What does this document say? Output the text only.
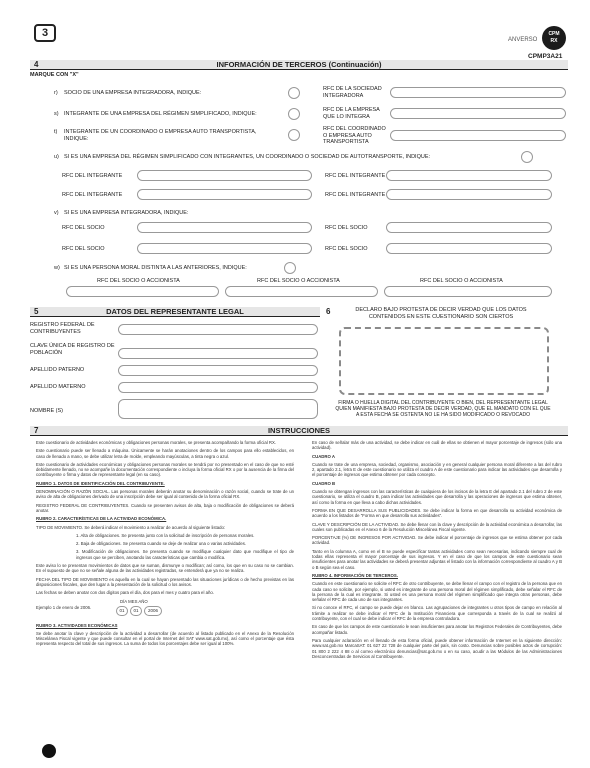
3
ANVERSO
CPM
RX
CPMP3A21
4	INFORMACIÓN DE TERCEROS (Continuación)
MARQUE CON "X"
r) SOCIO DE UNA EMPRESA INTEGRADORA, INDIQUE:
RFC DE LA SOCIEDAD INTEGRADORA
s) INTEGRANTE DE UNA EMPRESA DEL RÉGIMEN SIMPLIFICADO, INDIQUE:
RFC DE LA EMPRESA QUE LO INTEGRA
t) INTEGRANTE DE UN COORDINADO O EMPRESA AUTO TRANSPORTISTA, INDIQUE:
RFC DEL COORDINADO O EMPRESA AUTO TRANSPORTISTA
u) SI ES UNA EMPRESA DEL RÉGIMEN SIMPLIFICADO CON INTEGRANTES, UN COORDINADO O SOCIEDAD DE AUTOTRANSPORTE, INDIQUE:
RFC DEL INTEGRANTE	RFC DEL INTEGRANTE
RFC DEL INTEGRANTE	RFC DEL INTEGRANTE
v) SI ES UNA EMPRESA INTEGRADORA, INDIQUE:
RFC DEL SOCIO	RFC DEL SOCIO
RFC DEL SOCIO	RFC DEL SOCIO
w) SI ES UNA PERSONA MORAL DISTINTA A LAS ANTERIORES, INDIQUE:
RFC DEL SOCIO O ACCIONISTA	RFC DEL SOCIO O ACCIONISTA	RFC DEL SOCIO O ACCIONISTA
5	DATOS DEL REPRESENTANTE LEGAL
REGISTRO FEDERAL DE CONTRIBUYENTES
CLAVE ÚNICA DE REGISTRO DE POBLACIÓN
APELLIDO PATERNO
APELLIDO MATERNO
NOMBRE (S)
6	DECLARO BAJO PROTESTA DE DECIR VERDAD QUE LOS DATOS CONTENIDOS EN ESTE CUESTIONARIO SON CIERTOS
FIRMA O HUELLA DIGITAL DEL CONTRIBUYENTE O BIEN, DEL REPRESENTANTE LEGAL QUIEN MANIFIESTA BAJO PROTESTA DE DECIR VERDAD, QUE EL MANDATO CON EL QUE A ESTA FECHA SE OSTENTA NO LE HA SIDO MODIFICADO O REVOCADO
7	INSTRUCCIONES

Este cuestionario de actividades económicas y obligaciones personas morales, se presenta acompañando la forma oficial RX.

Este cuestionario puede ser llenado a máquina. Únicamente se harán anotaciones dentro de los campos para ello establecidos, en caso de llenado a mano, se debe utilizar letra de molde, empleando mayúsculas, a tinta negra o azul.

Este cuestionario de actividades económicas y obligaciones personas morales se tendrá por no presentado en el caso de que no esté debidamente llenado, no se acompañe la documentación correspondiente o incluya la forma oficial RX o por la ausencia de la firma del contribuyente o firma y datos de representante legal (en su caso).

RUBRO 1. DATOS DE IDENTIFICACIÓN DEL CONTRIBUYENTE.

DENOMINACIÓN O RAZÓN SOCIAL. Las personas morales deberán anotar su denominación o razón social, cuando se trate de un aviso de alta de obligaciones derivado de una inscripción debe ser igual al contenido de la forma oficial RX.

REGISTRO FEDERAL DE CONTRIBUYENTES. Cuando se presenten avisos de alta, baja o modificación de obligaciones se deberá anotar.

RUBRO 2. CARACTERÍSTICAS DE LA ACTIVIDAD ECONÓMICA.

TIPO DE MOVIMIENTO. Se deberá indicar el movimiento a realizar de acuerdo al siguiente listado:

1. Alta de obligaciones. Se presenta junto con la solicitud de inscripción de personas morales.

2. Baja de obligaciones. Se presenta cuando se deje de realizar una o varias actividades.

3. Modificación de obligaciones. Se presenta cuando se modifique cualquier dato que modifique el tipo de ingresos que se perciben, anotando las características que cambia o modifica.

Este aviso lo se presentan movimientos de datos que se suman, dismunye o modifican; así como, los que en su caso no se cambian. En el supuesto de que no se señale alguna de las actividades registradas, se entenderá que ya no se realiza.

FECHA DEL TIPO DE MOVIMIENTO es aquella en la cual se hayan presentado las situaciones jurídicas o de hecho previstas en las disposiciones fiscales, que den lugar a la presentación de la solicitud o los avisos.

Las fechas se deben anotar con dos dígitos para el día, dos para el mes y cuatro para el año.

Ejemplo 1 de enero de 2006.
DÍA MES AÑO
01 01 2006

RUBRO 3. ACTIVIDADES ECONÓMICAS

Se debe anotar la clave y descripción de la actividad a desarrollar (de acuerdo al listado publicado en el Anexo de la Resolución Miscelánea Fiscal vigente y que puede consultar en el portal de Internet del SAT www.sat.gob.mx), así como el porcentaje que ésta representa respecto del total de sus ingresos. La suma de todos los porcentajes debe ser igual al 100%.

En caso de señalar más de una actividad, se debe indicar en cuál de ellas se obtienen el mayor porcentaje de ingresos (sólo una actividad).

CUADRO A

Cuando se trate de una empresa, sociedad, organismo, asociación y en general cualquier persona moral diferente a las del rubro 2, apartado 2.1, letra E de este cuestionario se utiliza el cuadro A de este cuestionario para indicar las actividades que desarrolla y el porcentaje de ingresos que estima obtener por cada concepto.

CUADRO B

Cuando se obtengan ingresos con las características de cualquiera de los incisos de la letra E del apartado 2.1 del rubro 2 de este cuestionario, se utiliza el cuadro B, para indicar las actividades que desarrolla y las operaciones de ingresos que estima obtener, así como la forma en que lleva a cabo dichas actividades.

FORMA EN QUE DESARROLLA SUS PUBLICIDADES. Se debe indicar la forma en que desarrolla su actividad económica de acuerdo a los listados de "Forma en que desarrolla sus actividades".

CLAVE Y DESCRIPCIÓN DE LA ACTIVIDAD. Se debe llenar con la clave y descripción de la actividad económica a desarrollar, las cuales son publicadas en el Anexo 6 de la Resolución Miscelánea Fiscal vigente.

PORCENTAJE (%) DE INGRESOS POR ACTIVIDAD. Se debe indicar el porcentaje de ingresos que se estima obtener por cada actividad.

Tanto en la columna A, como en el B se puede especificar tantas actividades como sean necesarias, indicando siempre cual de todas ellas representa el mayor porcentaje de sus ingresos. Y en el caso de que los campos de este cuestionario sean insuficientes para anotar las actividades se deberá presentar adjuntas el listado con la información correspondiente al cuadro A y B o B según sea el caso.

RUBRO 4. INFORMACIÓN DE TERCEROS.

Cuando en este cuestionario se solicite el RFC de otro contribuyente, se debe llenar el campo con el registro de la persona que en cada caso se solicite, por ejemplo, si usted es integrante de una persona moral del régimen simplificado, debe señalar el RFC de la persona de la cual es integrante. Si usted es una persona moral del régimen simplificado que integra otras personas, debe señalar el RFC de cada uno de sus integrantes.

Si no conoce el RFC, el campo se puede dejar en blanco. Las agrupaciones de integrantes u otros tipos de campo en relación al trámite a realizar se debe indicar el RFC de la Institución Financiera que corresponda a través de la cual se realizó al contribuyente, con el cual se debe indicar el RFC de la empresa controladora.

En caso de que los campos de este cuestionario le sean insuficientes para anotar los Registros Federales de Contribuyentes, debe acompañar listado.

Para cualquier aclaración en el llenado de esta forma oficial, puede obtener información de Internet en la siguiente dirección: www.sat.gob.mx MarcaSAT: 01 627 22 728 de cualquier parte del país, sin costo. Denuncias sobre posibles actos de corrupción: 01 800 2 222 4 88 o al correo electrónico denuncias@sat.gob.mx o en su caso, acudir a las Módulos de las Administraciones Desconcentradas de Servicios al Contribuyente.
